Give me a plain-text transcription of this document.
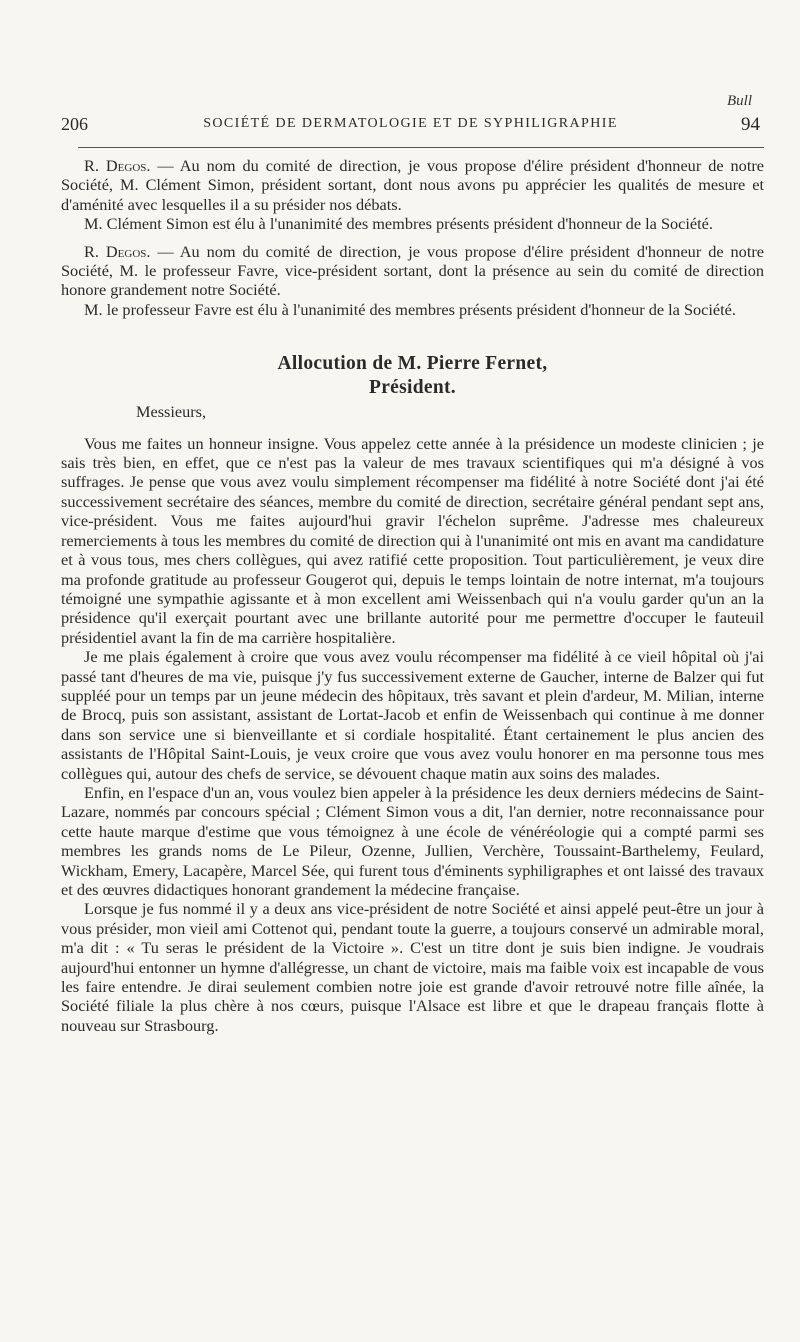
Bull
206	SOCIÉTÉ DE DERMATOLOGIE ET DE SYPHILIGRAPHIE	94

R. Degos. — Au nom du comité de direction, je vous propose d'élire président d'honneur de notre Société, M. Clément Simon, président sortant, dont nous avons pu apprécier les qualités de mesure et d'aménité avec lesquelles il a su présider nos débats.

M. Clément Simon est élu à l'unanimité des membres présents président d'honneur de la Société.

R. Degos. — Au nom du comité de direction, je vous propose d'élire président d'honneur de notre Société, M. le professeur Favre, vice-président sortant, dont la présence au sein du comité de direction honore grandement notre Société.

M. le professeur Favre est élu à l'unanimité des membres présents président d'honneur de la Société.

Allocution de M. Pierre Fernet,
Président.
Messieurs,

Vous me faites un honneur insigne. Vous appelez cette année à la présidence un modeste clinicien ; je sais très bien, en effet, que ce n'est pas la valeur de mes travaux scientifiques qui m'a désigné à vos suffrages. Je pense que vous avez voulu simplement récompenser ma fidélité à notre Société dont j'ai été successivement secrétaire des séances, membre du comité de direction, secrétaire général pendant sept ans, vice-président. Vous me faites aujourd'hui gravir l'échelon suprême. J'adresse mes chaleureux remerciements à tous les membres du comité de direction qui à l'unanimité ont mis en avant ma candidature et à vous tous, mes chers collègues, qui avez ratifié cette proposition. Tout particulièrement, je veux dire ma profonde gratitude au professeur Gougerot qui, depuis le temps lointain de notre internat, m'a toujours témoigné une sympathie agissante et à mon excellent ami Weissenbach qui n'a voulu garder qu'un an la présidence qu'il exerçait pourtant avec une brillante autorité pour me permettre d'occuper le fauteuil présidentiel avant la fin de ma carrière hospitalière.

Je me plais également à croire que vous avez voulu récompenser ma fidélité à ce vieil hôpital où j'ai passé tant d'heures de ma vie, puisque j'y fus successivement externe de Gaucher, interne de Balzer qui fut suppléé pour un temps par un jeune médecin des hôpitaux, très savant et plein d'ardeur, M. Milian, interne de Brocq, puis son assistant, assistant de Lortat-Jacob et enfin de Weissenbach qui continue à me donner dans son service une si bienveillante et si cordiale hospitalité. Étant certainement le plus ancien des assistants de l'Hôpital Saint-Louis, je veux croire que vous avez voulu honorer en ma personne tous mes collègues qui, autour des chefs de service, se dévouent chaque matin aux soins des malades.

Enfin, en l'espace d'un an, vous voulez bien appeler à la présidence les deux derniers médecins de Saint-Lazare, nommés par concours spécial ; Clément Simon vous a dit, l'an dernier, notre reconnaissance pour cette haute marque d'estime que vous témoignez à une école de vénéréologie qui a compté parmi ses membres les grands noms de Le Pileur, Ozenne, Jullien, Verchère, Toussaint-Barthelemy, Feulard, Wickham, Emery, Lacapère, Marcel Sée, qui furent tous d'éminents syphiligraphes et ont laissé des travaux et des œuvres didactiques honorant grandement la médecine française.

Lorsque je fus nommé il y a deux ans vice-président de notre Société et ainsi appelé peut-être un jour à vous présider, mon vieil ami Cottenot qui, pendant toute la guerre, a toujours conservé un admirable moral, m'a dit : « Tu seras le président de la Victoire ». C'est un titre dont je suis bien indigne. Je voudrais aujourd'hui entonner un hymne d'allégresse, un chant de victoire, mais ma faible voix est incapable de vous les faire entendre. Je dirai seulement combien notre joie est grande d'avoir retrouvé notre fille aînée, la Société filiale la plus chère à nos cœurs, puisque l'Alsace est libre et que le drapeau français flotte à nouveau sur Strasbourg.
